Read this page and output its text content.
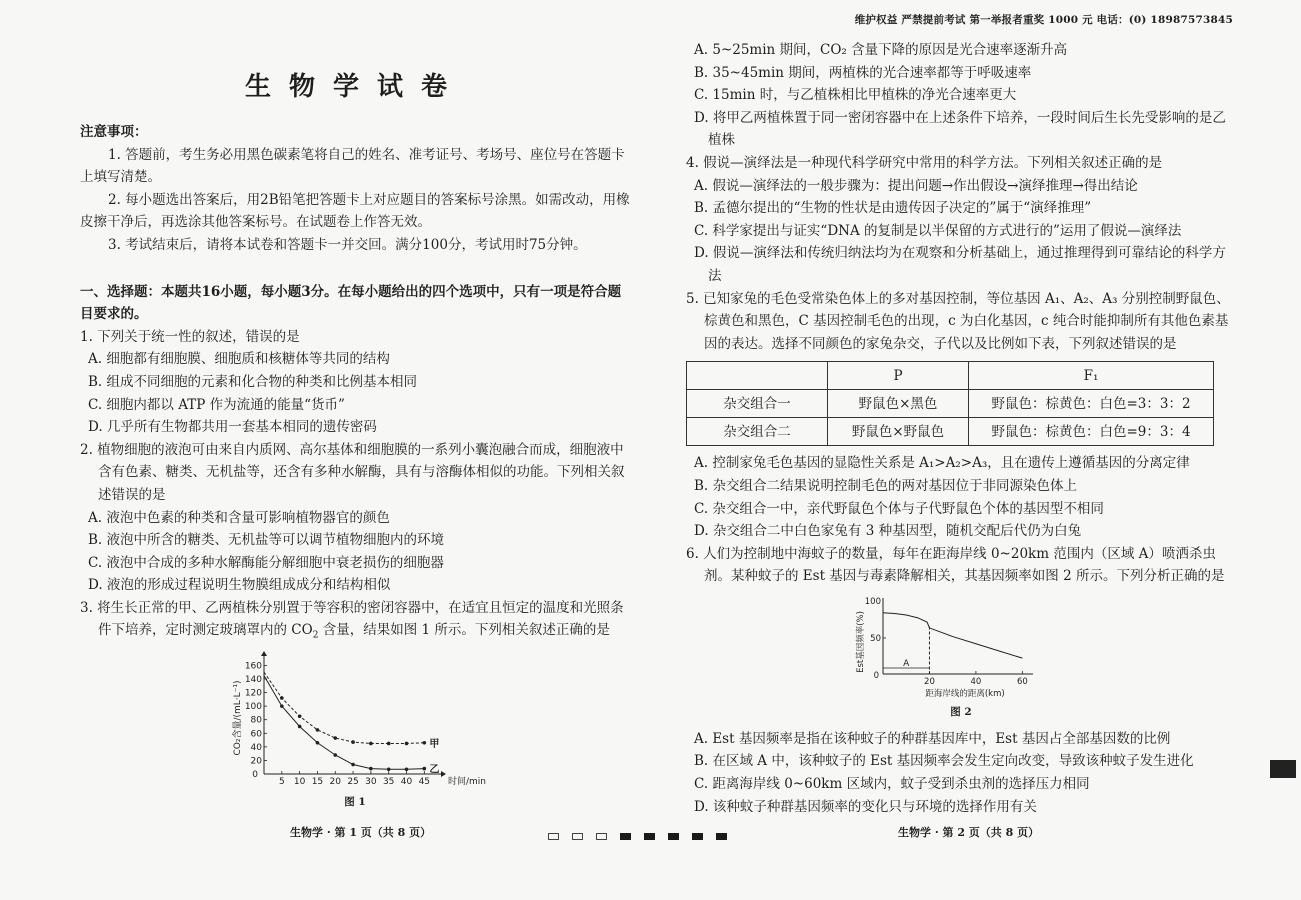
维护权益 严禁提前考试 第一举报者重奖 1000 元 电话：(0) 18987573845
生物学试卷

注意事项：

1. 答题前，考生务必用黑色碳素笔将自己的姓名、准考证号、考场号、座位号在答题卡上填写清楚。

2. 每小题选出答案后，用2B铅笔把答题卡上对应题目的答案标号涂黑。如需改动，用橡皮擦干净后，再选涂其他答案标号。在试题卷上作答无效。

3. 考试结束后，请将本试卷和答题卡一并交回。满分100分，考试用时75分钟。

一、选择题：本题共16小题，每小题3分。在每小题给出的四个选项中，只有一项是符合题目要求的。

1. 下列关于统一性的叙述，错误的是

A. 细胞都有细胞膜、细胞质和核糖体等共同的结构

B. 组成不同细胞的元素和化合物的种类和比例基本相同

C. 细胞内都以 ATP 作为流通的能量“货币”

D. 几乎所有生物都共用一套基本相同的遗传密码

2. 植物细胞的液泡可由来自内质网、高尔基体和细胞膜的一系列小囊泡融合而成，细胞液中含有色素、糖类、无机盐等，还含有多种水解酶，具有与溶酶体相似的功能。下列相关叙述错误的是

A. 液泡中色素的种类和含量可影响植物器官的颜色

B. 液泡中所含的糖类、无机盐等可以调节植物细胞内的环境

C. 液泡中合成的多种水解酶能分解细胞中衰老损伤的细胞器

D. 液泡的形成过程说明生物膜组成成分和结构相似

3. 将生长正常的甲、乙两植株分别置于等容积的密闭容器中，在适宜且恒定的温度和光照条件下培养，定时测定玻璃罩内的 $CO_2$ 含量，结果如图 1 所示。下列相关叙述正确的是

20
40
60
80
100
120
140
160
5 10 15 20 25 30 35 40 45
0
时间/min
CO₂含量/(mL·L⁻¹)	甲
乙
图 1

A. 5~25min 期间，CO₂ 含量下降的原因是光合速率逐渐升高

B. 35~45min 期间，两植株的光合速率都等于呼吸速率

C. 15min 时，与乙植株相比甲植株的净光合速率更大

D. 将甲乙两植株置于同一密闭容器中在上述条件下培养，一段时间后生长先受影响的是乙植株

4. 假说—演绎法是一种现代科学研究中常用的科学方法。下列相关叙述正确的是

A. 假说—演绎法的一般步骤为：提出问题→作出假设→演绎推理→得出结论

B. 孟德尔提出的“生物的性状是由遗传因子决定的”属于“演绎推理”

C. 科学家提出与证实“DNA 的复制是以半保留的方式进行的”运用了假说—演绎法

D. 假说—演绎法和传统归纳法均为在观察和分析基础上，通过推理得到可靠结论的科学方法

5. 已知家兔的毛色受常染色体上的多对基因控制，等位基因 A₁、A₂、A₃ 分别控制野鼠色、棕黄色和黑色，C 基因控制毛色的出现，c 为白化基因，c 纯合时能抑制所有其他色素基因的表达。选择不同颜色的家兔杂交，子代以及比例如下表，下列叙述错误的是

	P	F₁
杂交组合一	野鼠色×黑色	野鼠色：棕黄色：白色=3：3：2
杂交组合二	野鼠色×野鼠色	野鼠色：棕黄色：白色=9：3：4

A. 控制家兔毛色基因的显隐性关系是 A₁>A₂>A₃，且在遗传上遵循基因的分离定律

B. 杂交组合二结果说明控制毛色的两对基因位于非同源染色体上

C. 杂交组合一中，亲代野鼠色个体与子代野鼠色个体的基因型不相同

D. 杂交组合二中白色家兔有 3 种基因型，随机交配后代仍为白兔

6. 人们为控制地中海蚊子的数量，每年在距海岸线 0~20km 范围内（区域 A）喷洒杀虫剂。某种蚊子的 Est 基因与毒素降解相关，其基因频率如图 2 所示。下列分析正确的是

100
50
0
20	40	60
距海岸线的距离(km)
Est基因频率(%)	A
图 2

A. Est 基因频率是指在该种蚊子的种群基因库中，Est 基因占全部基因数的比例

B. 在区域 A 中，该种蚊子的 Est 基因频率会发生定向改变，导致该种蚊子发生进化

C. 距离海岸线 0~60km 区域内，蚊子受到杀虫剂的选择压力相同

D. 该种蚊子种群基因频率的变化只与环境的选择作用有关

生物学 · 第 1 页（共 8 页）	生物学 · 第 2 页（共 8 页）
